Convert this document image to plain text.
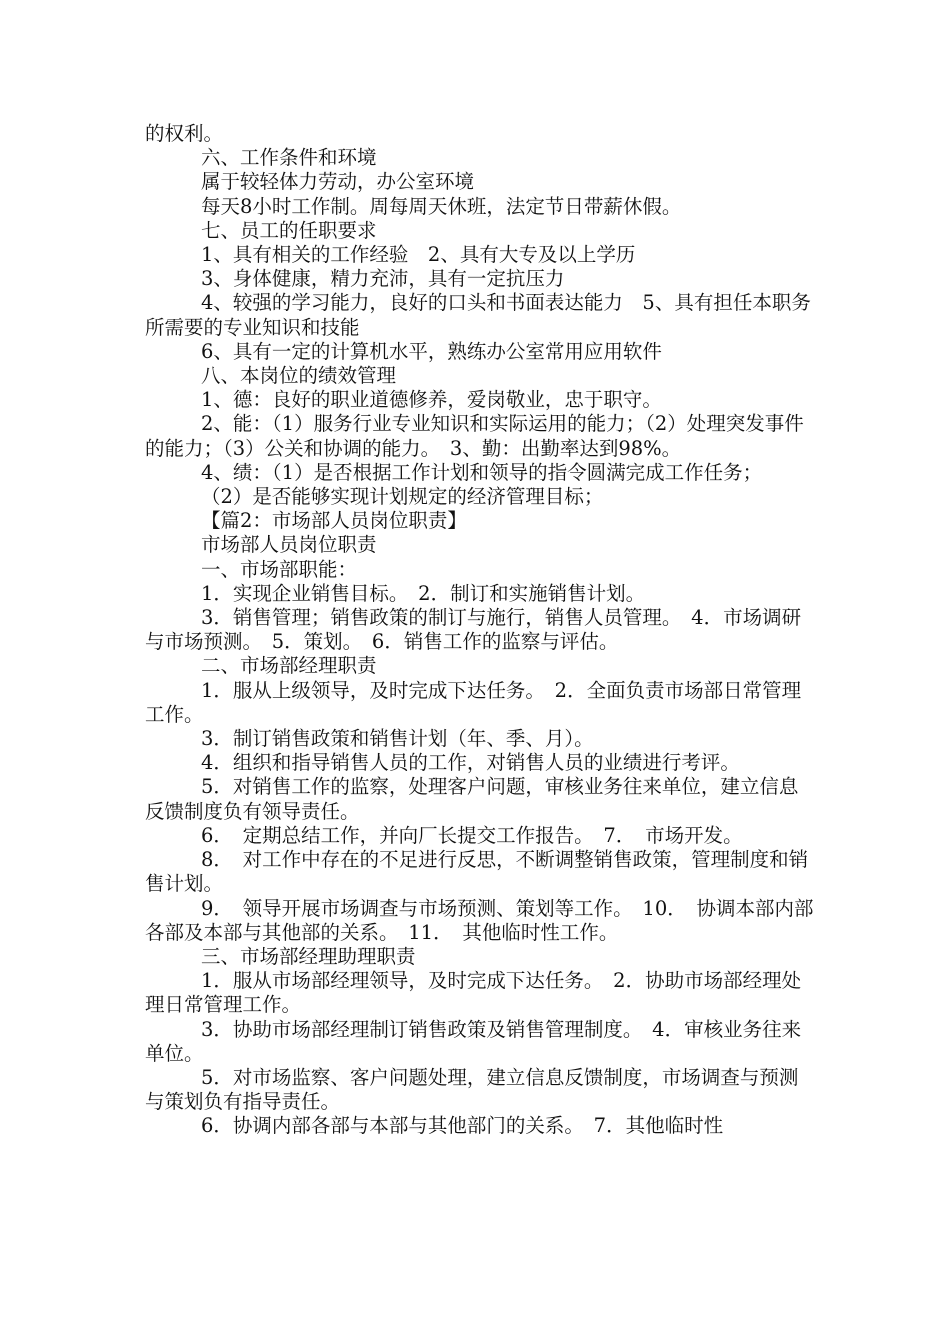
的权利。

六、工作条件和环境

属于较轻体力劳动，办公室环境

每天8小时工作制。周每周天休班，法定节日带薪休假。

七、员工的任职要求

1、具有相关的工作经验　2、具有大专及以上学历

3、身体健康，精力充沛，具有一定抗压力

4、较强的学习能力，良好的口头和书面表达能力　5、具有担任本职务所需要的专业知识和技能

6、具有一定的计算机水平，熟练办公室常用应用软件

八、本岗位的绩效管理

1、德：良好的职业道德修养，爱岗敬业，忠于职守。

2、能：（1）服务行业专业知识和实际运用的能力；（2）处理突发事件的能力；（3）公关和协调的能力。　3、勤：出勤率达到98%。

4、绩：（1）是否根据工作计划和领导的指令圆满完成工作任务；

（2）是否能够实现计划规定的经济管理目标；

【篇2：市场部人员岗位职责】

市场部人员岗位职责

一、市场部职能：

1．实现企业销售目标。　2．制订和实施销售计划。

3．销售管理；销售政策的制订与施行，销售人员管理。　4．市场调研与市场预测。　5．策划。　6．销售工作的监察与评估。

二、市场部经理职责

1．服从上级领导，及时完成下达任务。　2．全面负责市场部日常管理工作。

3．制订销售政策和销售计划（年、季、月）。

4．组织和指导销售人员的工作，对销售人员的业绩进行考评。

5．对销售工作的监察，处理客户问题，审核业务往来单位，建立信息反馈制度负有领导责任。

6．　定期总结工作，并向厂长提交工作报告。　7．　市场开发。

8．　对工作中存在的不足进行反思，不断调整销售政策，管理制度和销售计划。

9．　领导开展市场调查与市场预测、策划等工作。　10．　协调本部内部各部及本部与其他部的关系。　11．　其他临时性工作。

三、市场部经理助理职责

1．服从市场部经理领导，及时完成下达任务。　2．协助市场部经理处理日常管理工作。

3．协助市场部经理制订销售政策及销售管理制度。　4．审核业务往来单位。

5．对市场监察、客户问题处理，建立信息反馈制度，市场调查与预测与策划负有指导责任。

6．协调内部各部与本部与其他部门的关系。　7．其他临时性
